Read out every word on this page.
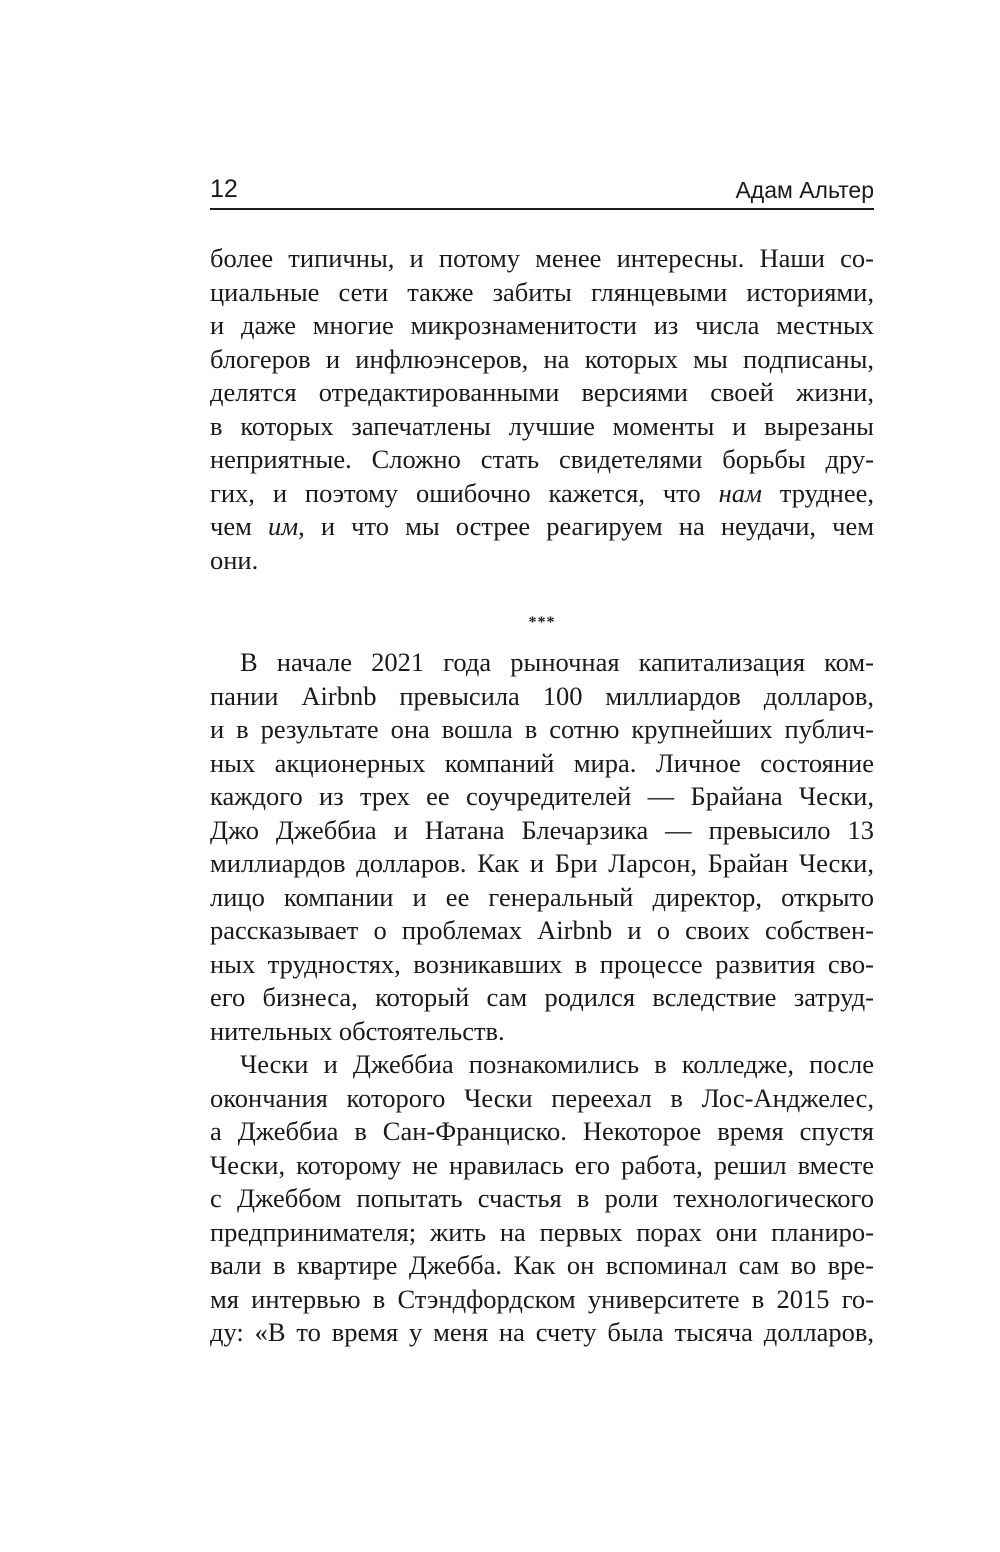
12	Адам Альтер
более типичны, и потому менее интересны. Наши со-
циальные сети также забиты глянцевыми историями,
и даже многие микрознаменитости из числа местных
блогеров и инфлюэнсеров, на которых мы подписаны,
делятся отредактированными версиями своей жизни,
в которых запечатлены лучшие моменты и вырезаны
неприятные. Сложно стать свидетелями борьбы дру-
гих, и поэтому ошибочно кажется, что нам труднее,
чем им, и что мы острее реагируем на неудачи, чем
они.
***
В начале 2021 года рыночная капитализация ком-
пании Airbnb превысила 100 миллиардов долларов,
и в результате она вошла в сотню крупнейших публич-
ных акционерных компаний мира. Личное состояние
каждого из трех ее соучредителей — Брайана Чески,
Джо Джеббиа и Натана Блечарзика — превысило 13
миллиардов долларов. Как и Бри Ларсон, Брайан Чески,
лицо компании и ее генеральный директор, открыто
рассказывает о проблемах Airbnb и о своих собствен-
ных трудностях, возникавших в процессе развития сво-
его бизнеса, который сам родился вследствие затруд-
нительных обстоятельств.
Чески и Джеббиа познакомились в колледже, после
окончания которого Чески переехал в Лос-Анджелес,
а Джеббиа в Сан-Франциско. Некоторое время спустя
Чески, которому не нравилась его работа, решил вместе
с Джеббом попытать счастья в роли технологического
предпринимателя; жить на первых порах они планиро-
вали в квартире Джебба. Как он вспоминал сам во вре-
мя интервью в Стэндфордском университете в 2015 го-
ду: «В то время у меня на счету была тысяча долларов,
